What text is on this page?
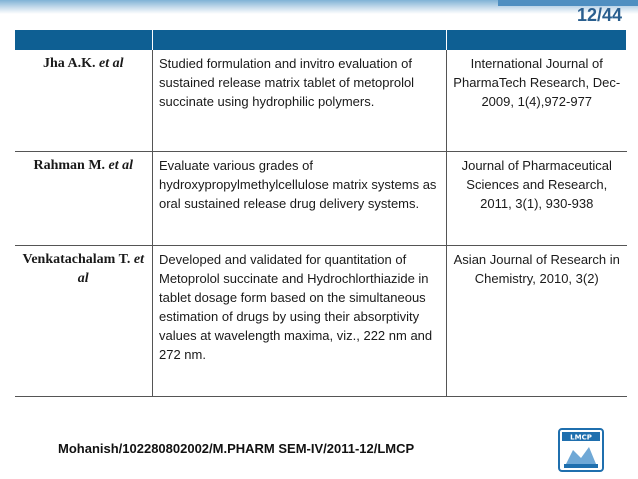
12/44

Jha A.K. et al	Studied formulation and invitro evaluation of sustained release matrix tablet of metoprolol succinate using hydrophilic polymers.	International Journal of PharmaTech Research, Dec-2009, 1(4),972-977
Rahman M. et al	Evaluate various grades of hydroxypropylmethylcellulose matrix systems as oral sustained release drug delivery systems.	Journal of Pharmaceutical Sciences and Research, 2011, 3(1), 930-938
Venkatachalam T. et al	Developed and validated for quantitation of Metoprolol succinate and Hydrochlorthiazide in tablet dosage form based on the simultaneous estimation of drugs by using their absorptivity values at wavelength maxima, viz., 222 nm and 272 nm.	Asian Journal of Research in Chemistry, 2010, 3(2)
Mohanish/102280802002/M.PHARM SEM-IV/2011-12/LMCP
LMCP
